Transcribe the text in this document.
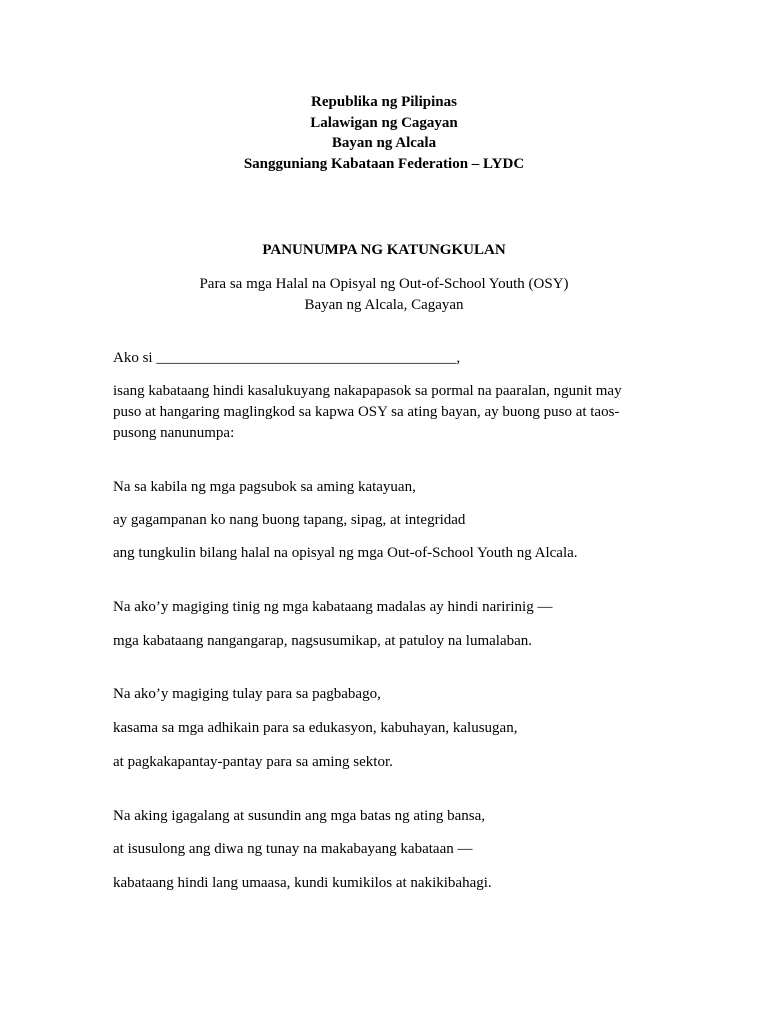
Republika ng Pilipinas
Lalawigan ng Cagayan
Bayan ng Alcala
Sangguniang Kabataan Federation – LYDC
PANUNUMPA NG KATUNGKULAN
Para sa mga Halal na Opisyal ng Out-of-School Youth (OSY)
Bayan ng Alcala, Cagayan
Ako si ________________________________________,
isang kabataang hindi kasalukuyang nakapapasok sa pormal na paaralan, ngunit may puso at hangaring maglingkod sa kapwa OSY sa ating bayan, ay buong puso at taos-pusong nanunumpa:
Na sa kabila ng mga pagsubok sa aming katayuan,
ay gagampanan ko nang buong tapang, sipag, at integridad
ang tungkulin bilang halal na opisyal ng mga Out-of-School Youth ng Alcala.
Na ako’y magiging tinig ng mga kabataang madalas ay hindi naririnig —
mga kabataang nangangarap, nagsusumikap, at patuloy na lumalaban.
Na ako’y magiging tulay para sa pagbabago,
kasama sa mga adhikain para sa edukasyon, kabuhayan, kalusugan,
at pagkakapantay-pantay para sa aming sektor.
Na aking igagalang at susundin ang mga batas ng ating bansa,
at isusulong ang diwa ng tunay na makabayang kabataan —
kabataang hindi lang umaasa, kundi kumikilos at nakikibahagi.
